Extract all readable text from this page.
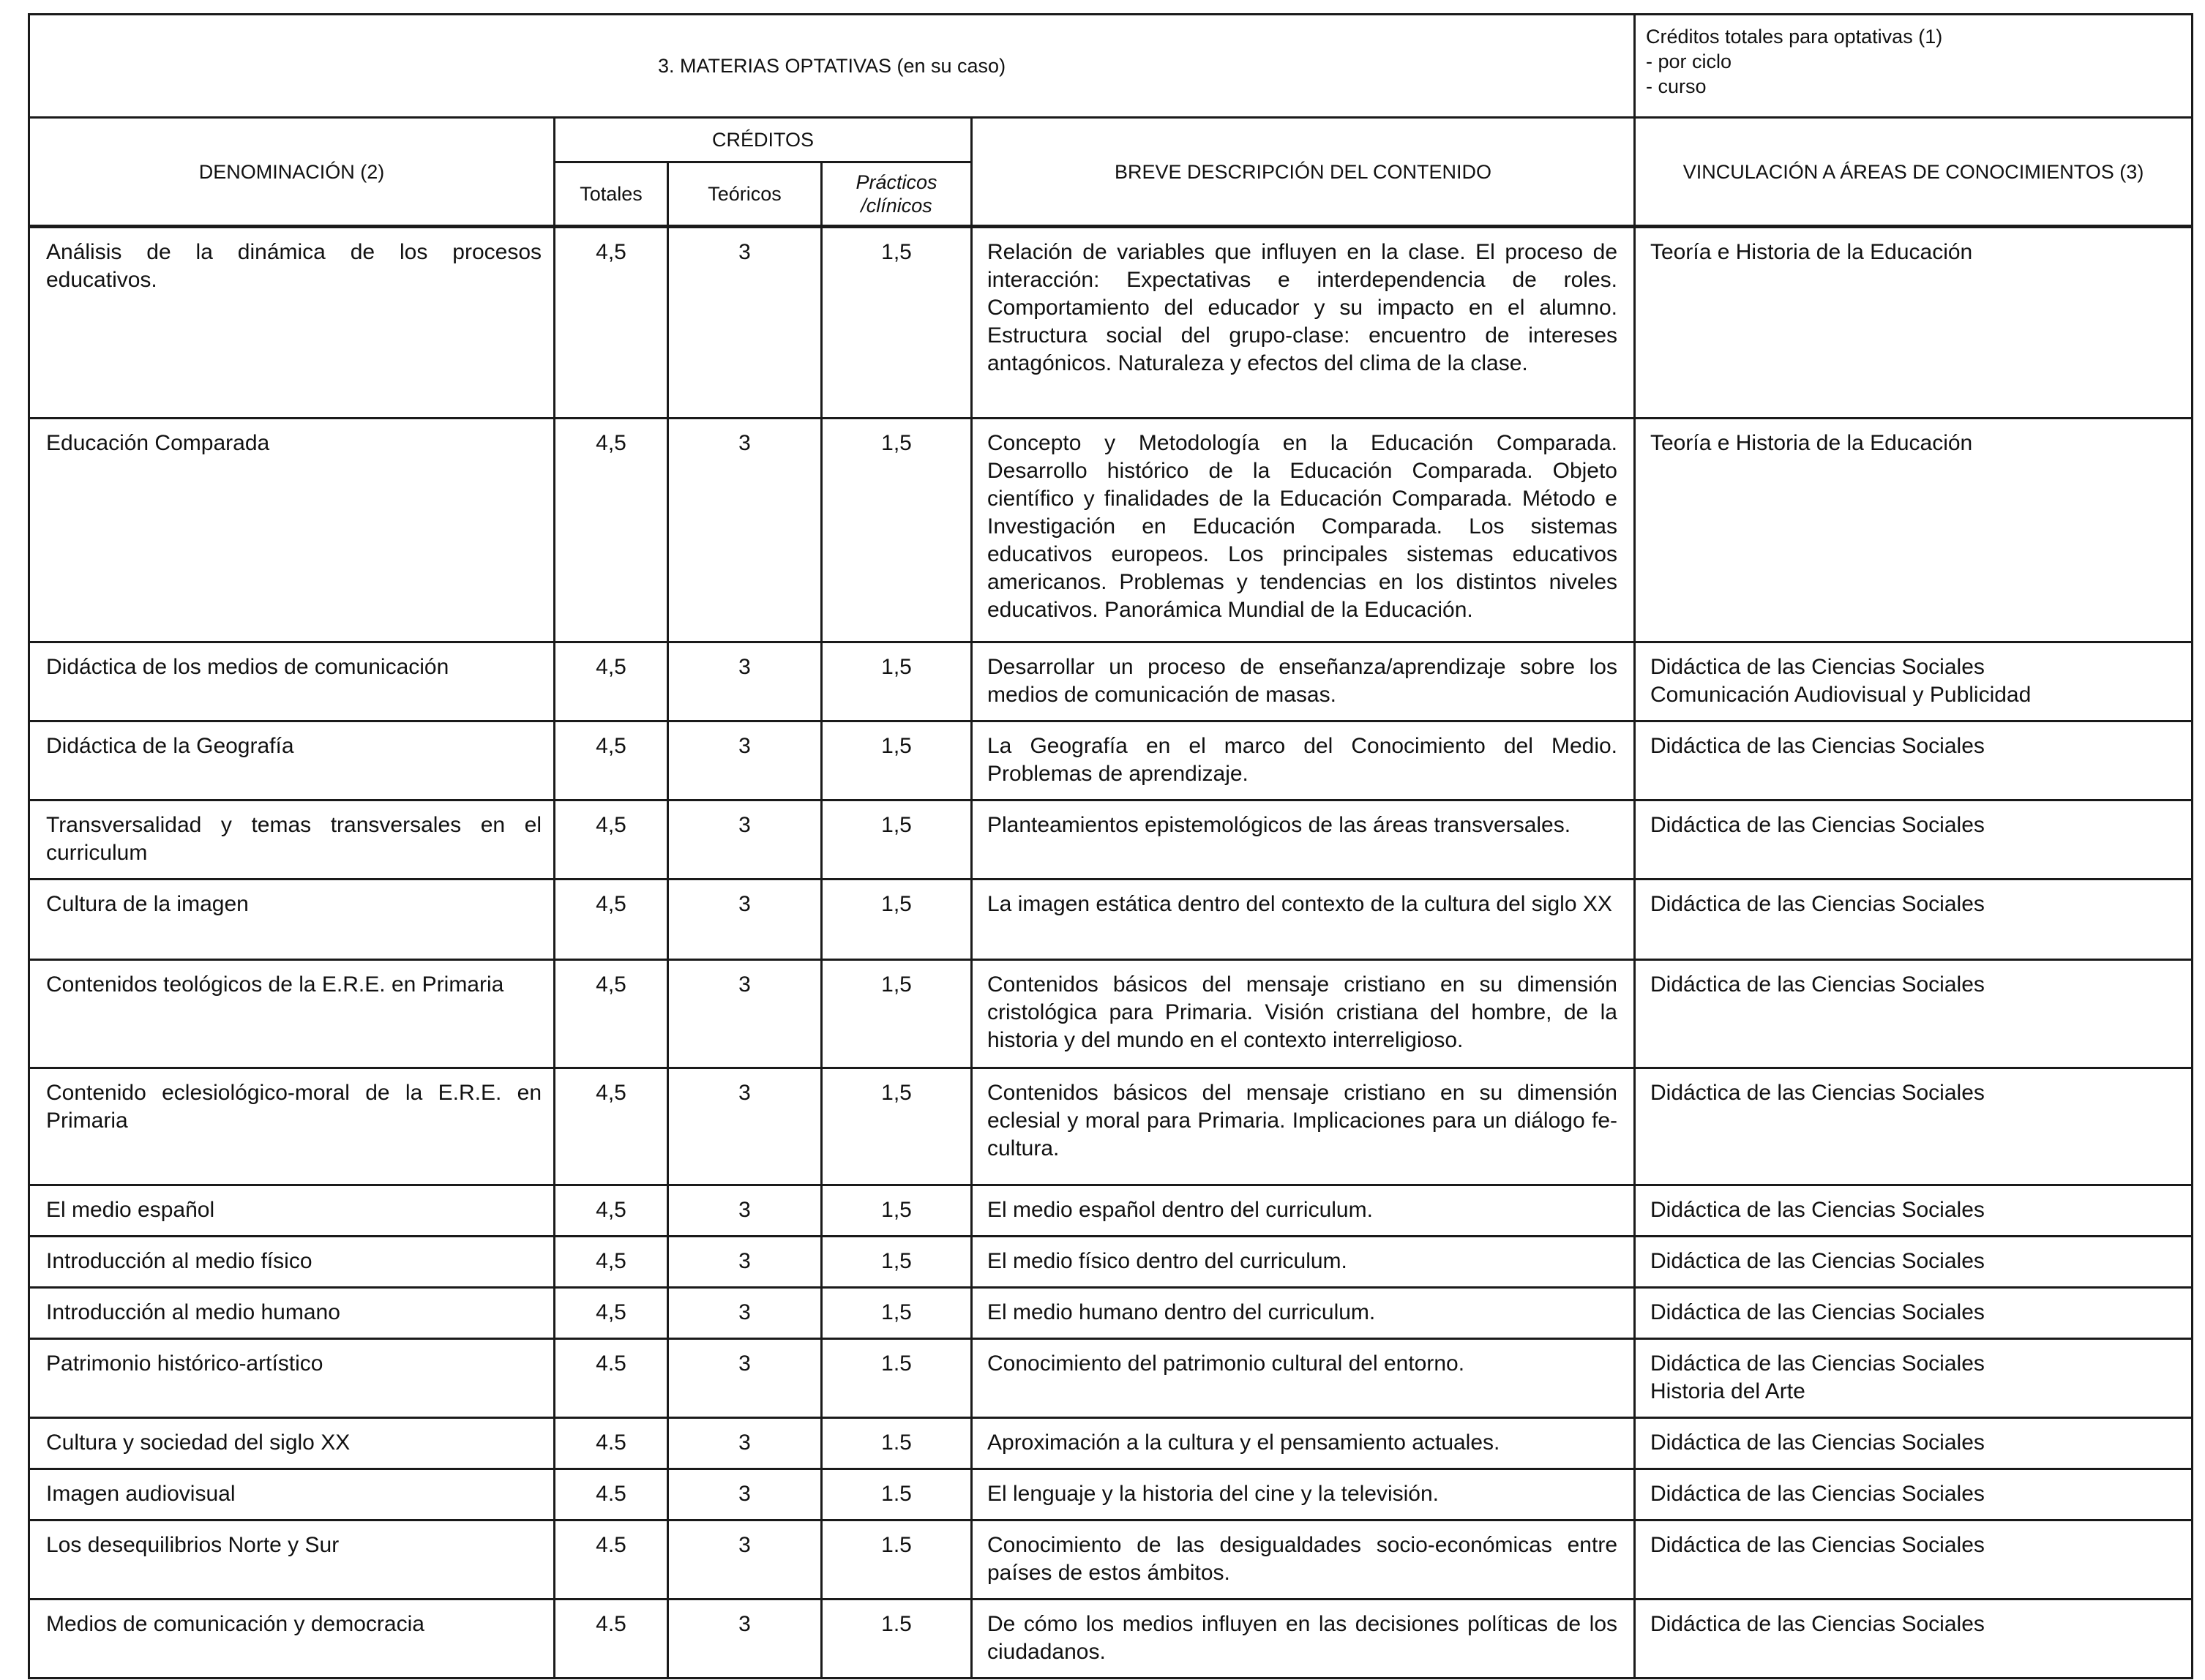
3. MATERIAS OPTATIVAS (en su caso)					Créditos totales para optativas (1)
- por ciclo
- curso

DENOMINACIÓN (2)	CRÉDITOS			BREVE DESCRIPCIÓN DEL CONTENIDO	VINCULACIÓN A ÁREAS DE CONOCIMIENTOS (3)
	Totales	Teóricos	Prácticos /clínicos		
Análisis de la dinámica de los procesos educativos.	4,5	3	1,5	Relación de variables que influyen en la clase. El proceso de interacción: Expectativas e interdependencia de roles. Comportamiento del educador y su impacto en el alumno. Estructura social del grupo-clase: encuentro de intereses antagónicos. Naturaleza y efectos del clima de la clase.	Teoría e Historia de la Educación

Educación Comparada	4,5	3	1,5	Concepto y Metodología en la Educación Comparada. Desarrollo histórico de la Educación Comparada. Objeto científico y finalidades de la Educación Comparada. Método e Investigación en Educación Comparada. Los sistemas educativos europeos. Los principales sistemas educativos americanos. Problemas y tendencias en los distintos niveles educativos. Panorámica Mundial de la Educación.	Teoría e Historia de la Educación

Didáctica de los medios de comunicación	4,5	3	1,5	Desarrollar un proceso de enseñanza/aprendizaje sobre los medios de comunicación de masas.	Didáctica de las Ciencias Sociales
Comunicación Audiovisual y Publicidad

Didáctica de la Geografía	4,5	3	1,5	La Geografía en el marco del Conocimiento del Medio. Problemas de aprendizaje.	Didáctica de las Ciencias Sociales

Transversalidad y temas transversales en el curriculum	4,5	3	1,5	Planteamientos epistemológicos de las áreas transversales.	Didáctica de las Ciencias Sociales

Cultura de la imagen	4,5	3	1,5	La imagen estática dentro del contexto de la cultura del siglo XX	Didáctica de las Ciencias Sociales

Contenidos teológicos de la E.R.E. en Primaria	4,5	3	1,5	Contenidos básicos del mensaje cristiano en su dimensión cristológica para Primaria. Visión cristiana del hombre, de la historia y del mundo en el contexto interreligioso.	Didáctica de las Ciencias Sociales

Contenido eclesiológico-moral de la E.R.E. en Primaria	4,5	3	1,5	Contenidos básicos del mensaje cristiano en su dimensión eclesial y moral para Primaria. Implicaciones para un diálogo fe-cultura.	Didáctica de las Ciencias Sociales

El medio español	4,5	3	1,5	El medio español dentro del curriculum.	Didáctica de las Ciencias Sociales

Introducción al medio físico	4,5	3	1,5	El medio físico dentro del curriculum.	Didáctica de las Ciencias Sociales

Introducción al medio humano	4,5	3	1,5	El medio humano dentro del curriculum.	Didáctica de las Ciencias Sociales

Patrimonio histórico-artístico	4.5	3	1.5	Conocimiento del patrimonio cultural del entorno.	Didáctica de las Ciencias Sociales
Historia del Arte

Cultura y sociedad del siglo XX	4.5	3	1.5	Aproximación a la cultura y el pensamiento actuales.	Didáctica de las Ciencias Sociales

Imagen audiovisual	4.5	3	1.5	El lenguaje y la historia del cine y la televisión.	Didáctica de las Ciencias Sociales

Los desequilibrios Norte y Sur	4.5	3	1.5	Conocimiento de las desigualdades socio-económicas entre países de estos ámbitos.	Didáctica de las Ciencias Sociales

Medios de comunicación y democracia	4.5	3	1.5	De cómo los medios influyen en las decisiones políticas de los ciudadanos.	Didáctica de las Ciencias Sociales
